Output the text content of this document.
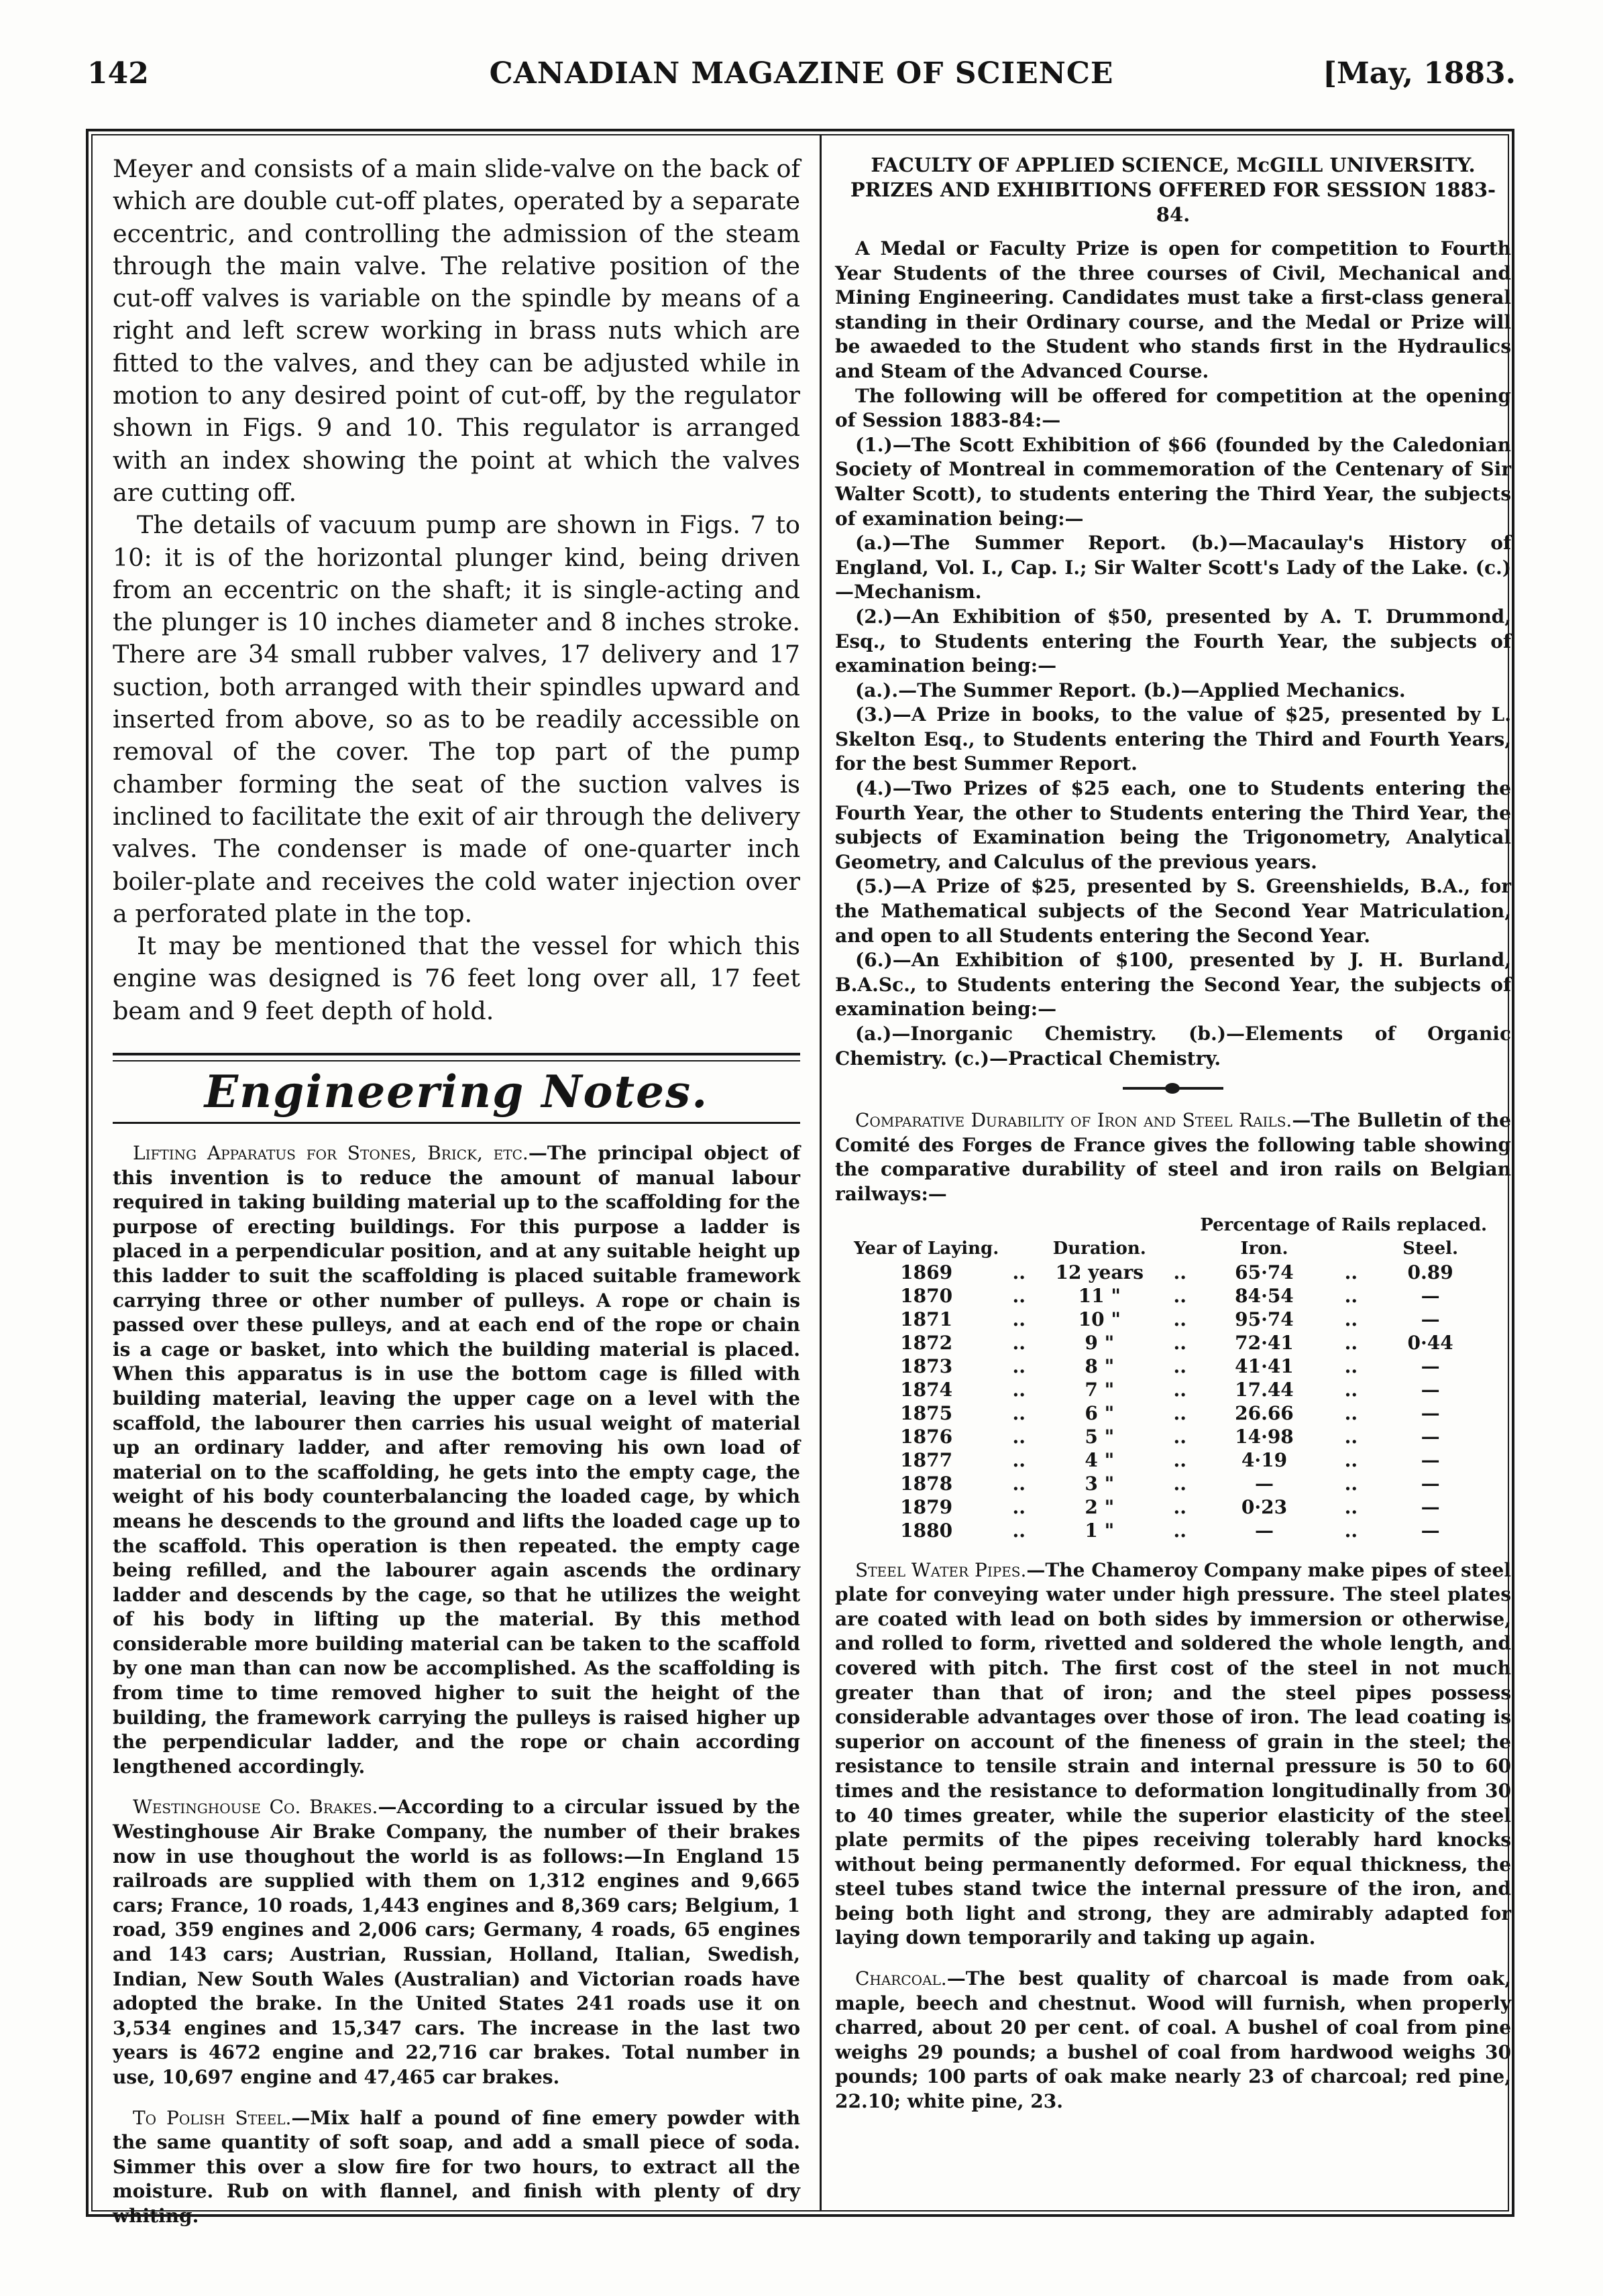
142	CANADIAN MAGAZINE OF SCIENCE	[May, 1883.

Meyer and consists of a main slide-valve on the back of which are double cut-off plates, operated by a separate eccentric, and controlling the admission of the steam through the main valve. The relative position of the cut-off valves is variable on the spindle by means of a right and left screw working in brass nuts which are fitted to the valves, and they can be adjusted while in motion to any desired point of cut-off, by the regulator shown in Figs. 9 and 10. This regulator is arranged with an index showing the point at which the valves are cutting off.

The details of vacuum pump are shown in Figs. 7 to 10: it is of the horizontal plunger kind, being driven from an eccentric on the shaft; it is single-acting and the plunger is 10 inches diameter and 8 inches stroke. There are 34 small rubber valves, 17 delivery and 17 suction, both arranged with their spindles upward and inserted from above, so as to be readily accessible on removal of the cover. The top part of the pump chamber forming the seat of the suction valves is inclined to facilitate the exit of air through the delivery valves. The condenser is made of one-quarter inch boiler-plate and receives the cold water injection over a perforated plate in the top.

It may be mentioned that the vessel for which this engine was designed is 76 feet long over all, 17 feet beam and 9 feet depth of hold.

Engineering Notes.

Lifting Apparatus for Stones, Brick, etc.—The principal object of this invention is to reduce the amount of manual labour required in taking building material up to the scaffolding for the purpose of erecting buildings. For this purpose a ladder is placed in a perpendicular position, and at any suitable height up this ladder to suit the scaffolding is placed suitable framework carrying three or other number of pulleys. A rope or chain is passed over these pulleys, and at each end of the rope or chain is a cage or basket, into which the building material is placed. When this apparatus is in use the bottom cage is filled with building material, leaving the upper cage on a level with the scaffold, the labourer then carries his usual weight of material up an ordinary ladder, and after removing his own load of material on to the scaffolding, he gets into the empty cage, the weight of his body counterbalancing the loaded cage, by which means he descends to the ground and lifts the loaded cage up to the scaffold. This operation is then repeated. the empty cage being refilled, and the labourer again ascends the ordinary ladder and descends by the cage, so that he utilizes the weight of his body in lifting up the material. By this method considerable more building material can be taken to the scaffold by one man than can now be accomplished. As the scaffolding is from time to time removed higher to suit the height of the building, the framework carrying the pulleys is raised higher up the perpendicular ladder, and the rope or chain according lengthened accordingly.

Westinghouse Co. Brakes.—According to a circular issued by the Westinghouse Air Brake Company, the number of their brakes now in use thoughout the world is as follows:—In England 15 railroads are supplied with them on 1,312 engines and 9,665 cars; France, 10 roads, 1,443 engines and 8,369 cars; Belgium, 1 road, 359 engines and 2,006 cars; Germany, 4 roads, 65 engines and 143 cars; Austrian, Russian, Holland, Italian, Swedish, Indian, New South Wales (Australian) and Victorian roads have adopted the brake. In the United States 241 roads use it on 3,534 engines and 15,347 cars. The increase in the last two years is 4672 engine and 22,716 car brakes. Total number in use, 10,697 engine and 47,465 car brakes.

To Polish Steel.—Mix half a pound of fine emery powder with the same quantity of soft soap, and add a small piece of soda. Simmer this over a slow fire for two hours, to extract all the moisture. Rub on with flannel, and finish with plenty of dry whiting.

FACULTY OF APPLIED SCIENCE, McGILL UNIVERSITY. PRIZES AND EXHIBITIONS OFFERED FOR SESSION 1883-84.

A Medal or Faculty Prize is open for competition to Fourth Year Students of the three courses of Civil, Mechanical and Mining Engineering. Candidates must take a first-class general standing in their Ordinary course, and the Medal or Prize will be awaeded to the Student who stands first in the Hydraulics and Steam of the Advanced Course.

The following will be offered for competition at the opening of Session 1883-84:—

(1.)—The Scott Exhibition of $66 (founded by the Caledonian Society of Montreal in commemoration of the Centenary of Sir Walter Scott), to students entering the Third Year, the subjects of examination being:—

(a.)—The Summer Report. (b.)—Macaulay's History of England, Vol. I., Cap. I.; Sir Walter Scott's Lady of the Lake. (c.)—Mechanism.

(2.)—An Exhibition of $50, presented by A. T. Drummond, Esq., to Students entering the Fourth Year, the subjects of examination being:—

(a.).—The Summer Report. (b.)—Applied Mechanics.

(3.)—A Prize in books, to the value of $25, presented by L. Skelton Esq., to Students entering the Third and Fourth Years, for the best Summer Report.

(4.)—Two Prizes of $25 each, one to Students entering the Fourth Year, the other to Students entering the Third Year, the subjects of Examination being the Trigonometry, Analytical Geometry, and Calculus of the previous years.

(5.)—A Prize of $25, presented by S. Greenshields, B.A., for the Mathematical subjects of the Second Year Matriculation, and open to all Students entering the Second Year.

(6.)—An Exhibition of $100, presented by J. H. Burland, B.A.Sc., to Students entering the Second Year, the subjects of examination being:—

(a.)—Inorganic Chemistry. (b.)—Elements of Organic Chemistry. (c.)—Practical Chemistry.

Comparative Durability of Iron and Steel Rails.—The Bulletin of the Comité des Forges de France gives the following table showing the comparative durability of steel and iron rails on Belgian railways:—

				Percentage of Rails replaced.		
Year of Laying.		Duration.		Iron.		Steel.
1869	..	12 years	..	65·74	..	0.89
1870	..	11 "	..	84·54	..	—
1871	..	10 "	..	95·74	..	—
1872	..	9 "	..	72·41	..	0·44
1873	..	8 "	..	41·41	..	—
1874	..	7 "	..	17.44	..	—
1875	..	6 "	..	26.66	..	—
1876	..	5 "	..	14·98	..	—
1877	..	4 "	..	4·19	..	—
1878	..	3 "	..	—	..	—
1879	..	2 "	..	0·23	..	—
1880	..	1 "	..	—	..	—

Steel Water Pipes.—The Chameroy Company make pipes of steel plate for conveying water under high pressure. The steel plates are coated with lead on both sides by immersion or otherwise, and rolled to form, rivetted and soldered the whole length, and covered with pitch. The first cost of the steel in not much greater than that of iron; and the steel pipes possess considerable advantages over those of iron. The lead coating is superior on account of the fineness of grain in the steel; the resistance to tensile strain and internal pressure is 50 to 60 times and the resistance to deformation longitudinally from 30 to 40 times greater, while the superior elasticity of the steel plate permits of the pipes receiving tolerably hard knocks without being permanently deformed. For equal thickness, the steel tubes stand twice the internal pressure of the iron, and being both light and strong, they are admirably adapted for laying down temporarily and taking up again.

Charcoal.—The best quality of charcoal is made from oak, maple, beech and chestnut. Wood will furnish, when properly charred, about 20 per cent. of coal. A bushel of coal from pine weighs 29 pounds; a bushel of coal from hardwood weighs 30 pounds; 100 parts of oak make nearly 23 of charcoal; red pine, 22.10; white pine, 23.
